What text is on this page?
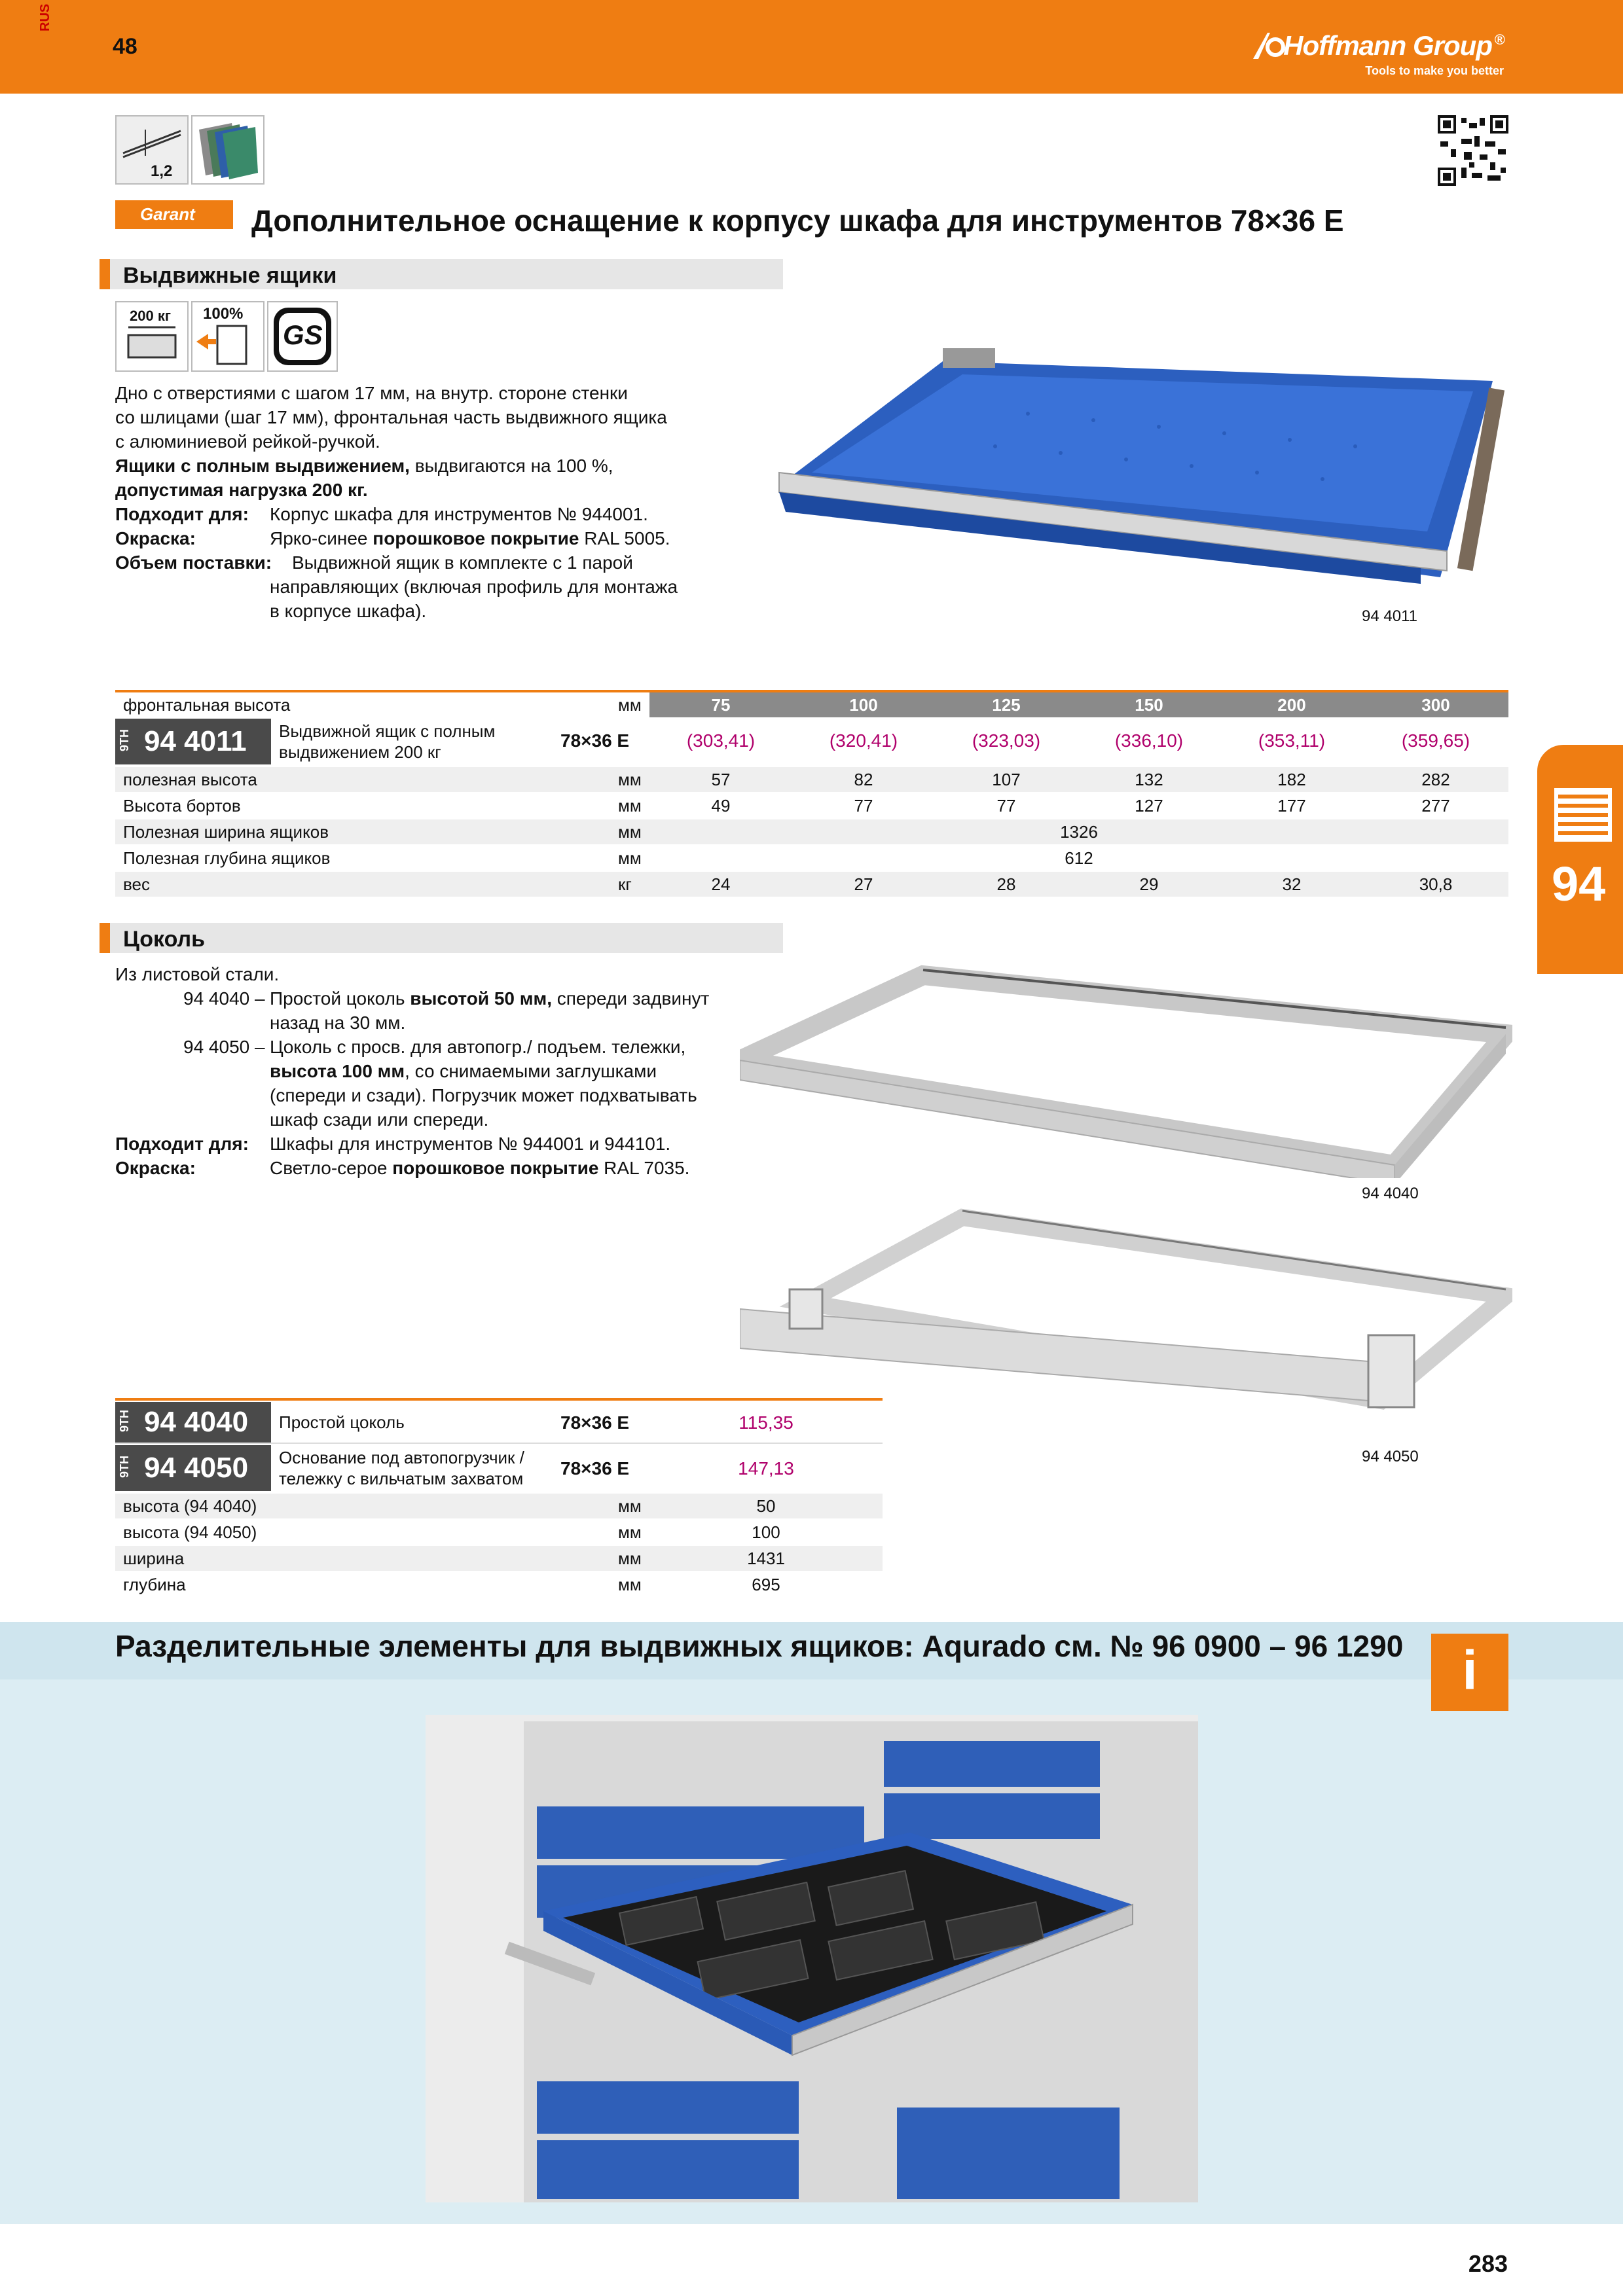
RUS
48	Hoffmann Group ®
Tools to make you better
1,2
Garant Дополнительное оснащение к корпусу шкафа для инструментов 78×36 E
Выдвижные ящики
200 кг 100%
GS
Дно с отверстиями с шагом 17 мм, на внутр. стороне стенки
со шлицами (шаг 17 мм), фронтальная часть выдвижного ящика
с алюминиевой рейкой-ручкой.
Ящики с полным выдвижением, выдвигаются на 100 %,
допустимая нагрузка 200 кг.
Подходит для: Корпус шкафа для инструментов № 944001.
Окраска:	Ярко-синее порошковое покрытие RAL 5005.
Объем поставки: Выдвижной ящик в комплекте с 1 парой
направляющих (включая профиль для монтажа
в корпусе шкафа).	94 4011
фронтальная высота	мм	75	100	125	150	200	300
9TH 94 4011 Выдвижной ящик с полным
выдвижением 200 кг
78×36 E	(303,41)	(320,41)	(323,03)	(336,10)	(353,11)	(359,65)
полезная высота	мм	57	82	107	132	182	282
Высота бортов	мм	49	77	77	127	177	277
Полезная ширина ящиков	мм	1326
Полезная глубина ящиков	мм	612
вес	кг	24	27	28	29	32	30,8	94
Цоколь
Из листовой стали.
94 4040 – Простой цоколь высотой 50 мм, спереди задвинут
назад на 30 мм.
94 4050 – Цоколь с просв. для автопогр./ подъем. тележки,
высота 100 мм, со снимаемыми заглушками
(спереди и сзади). Погрузчик может подхватывать
шкаф сзади или спереди.
Подходит для: Шкафы для инструментов № 944001 и 944101.
Окраска:	Светло-серое порошковое покрытие RAL 7035.
94 4040
94 4050
9TH 94 4040 Простой цоколь	78×36 E	115,35
9TH 94 4050 Основание под автопогрузчик /
тележку с вильчатым захватом 78×36 E	147,13
высота (94 4040)	мм	50
высота (94 4050)	мм	100
ширина	мм	1431
глубина	мм	695
Разделительные элементы для выдвижных ящиков: Aqurado см. № 96 0900 – 96 1290	i
283
